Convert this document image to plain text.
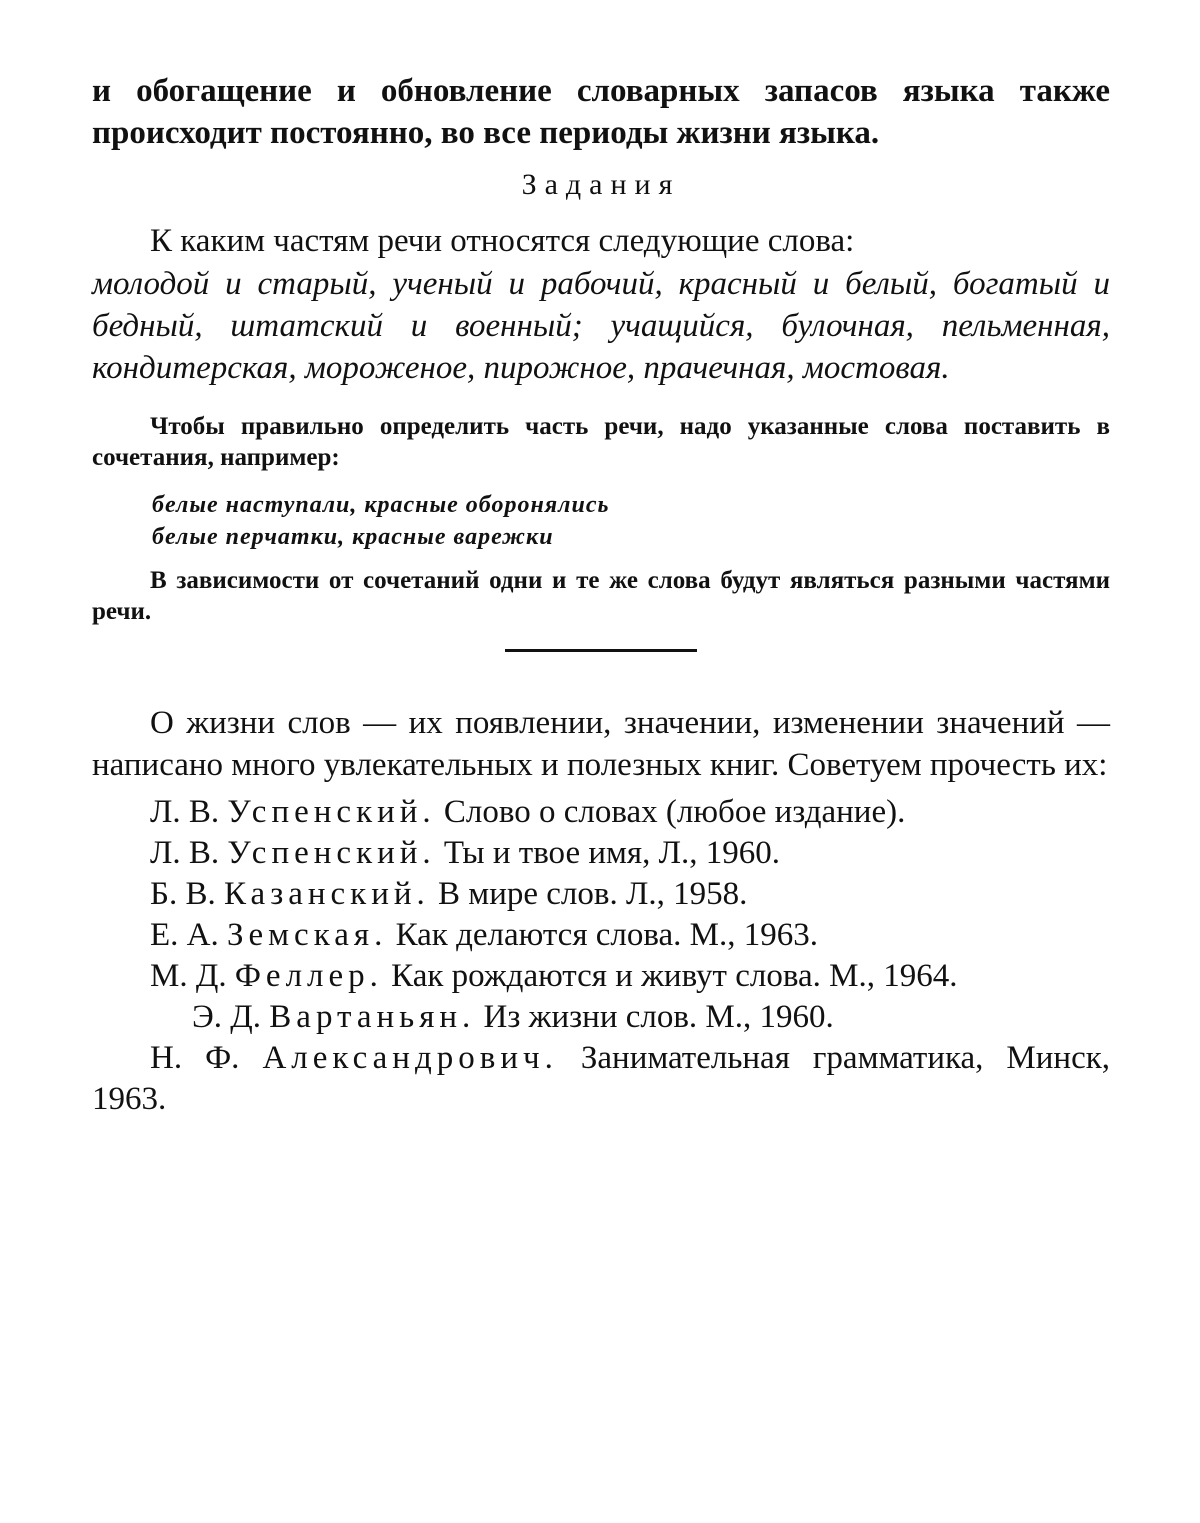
и обогащение и обновление словарных запасов языка также происходит постоянно, во все периоды жизни языка.

Задания

К каким частям речи относятся следующие слова:

молодой и старый, ученый и рабочий, красный и белый, богатый и бедный, штатский и военный; учащийся, булочная, пельменная, кондитерская, мороженое, пирожное, прачечная, мостовая.

Чтобы правильно определить часть речи, надо указанные слова поставить в сочетания, например:

белые наступали, красные оборонялись

белые перчатки, красные варежки

В зависимости от сочетаний одни и те же слова будут являться разными частями речи.

О жизни слов — их появлении, значении, изменении значений — написано много увлекательных и полезных книг. Советуем прочесть их:

Л. В. Успенский. Слово о словах (любое издание).

Л. В. Успенский. Ты и твое имя, Л., 1960.

Б. В. Казанский. В мире слов. Л., 1958.

Е. А. Земская. Как делаются слова. М., 1963.

М. Д. Феллер. Как рождаются и живут слова. М., 1964.

Э. Д. Вартаньян. Из жизни слов. М., 1960.

Н. Ф. Александрович. Занимательная грамматика, Минск, 1963.
